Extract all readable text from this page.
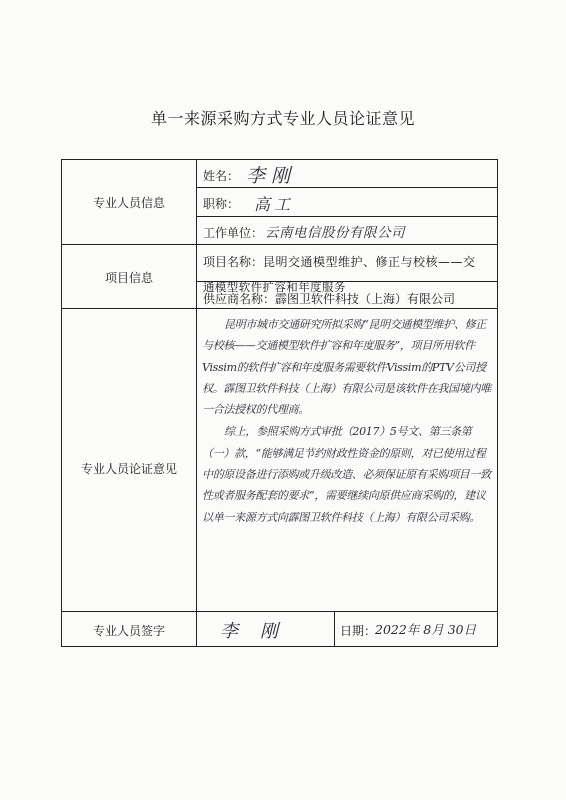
单一来源采购方式专业人员论证意见
专业人员信息
姓名： 李刚
职称： 高工
工作单位： 云南电信股份有限公司
项目信息
项目名称： 昆明交通模型维护、修正与校核——交
通模型软件扩容和年度服务
供应商名称： 霹图卫软件科技（上海）有限公司
专业人员论证意见

昆明市城市交通研究所拟采购“昆明交通模型维护、修正与校核——交通模型软件扩容和年度服务”，项目所用软件Vissim的软件扩容和年度服务需要软件Vissim的PTV公司授权。霹图卫软件科技（上海）有限公司是该软件在我国境内唯一合法授权的代理商。

综上，参照采购方式审批（2017）5号文、第三条第（一）款，“能够满足节约财政性资金的原则，对已使用过程中的原设备进行添购或升级改造、必须保证原有采购项目一致性或者服务配套的要求”，需要继续向原供应商采购的，建议以单一来源方式向霹图卫软件科技（上海）有限公司采购。

专业人员签字	李刚	日期：
2022年 8月 30日
